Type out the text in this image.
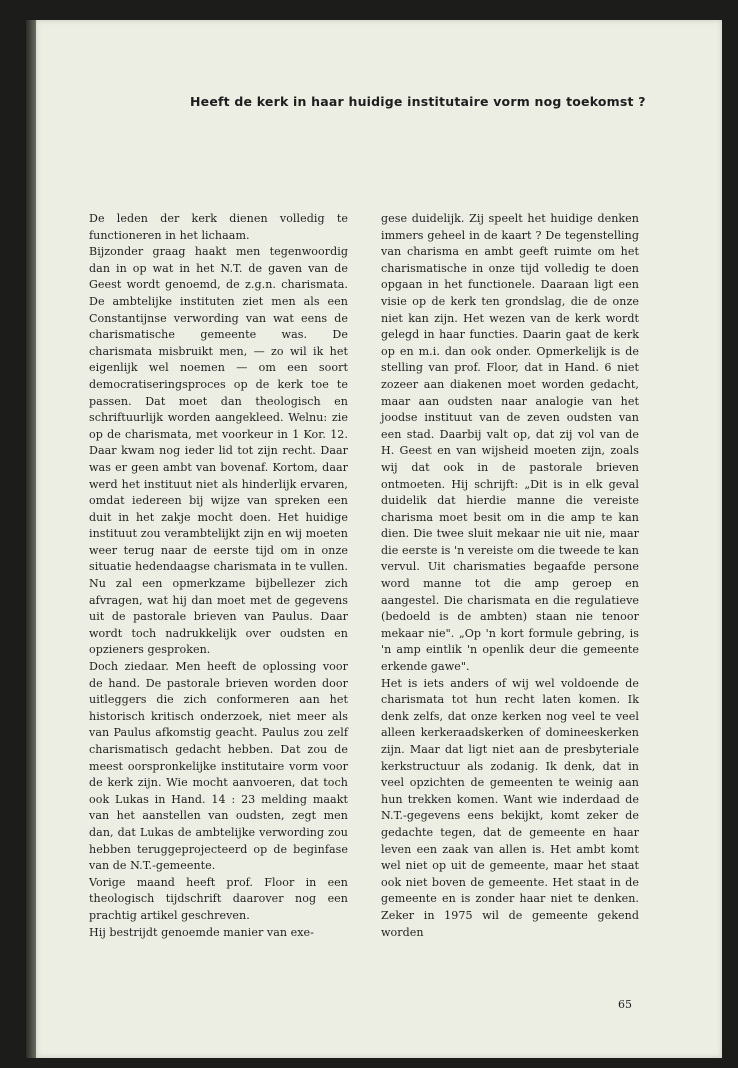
Heeft de kerk in haar huidige institutaire vorm nog toekomst ?

De leden der kerk dienen volledig te functioneren in het lichaam.

Bijzonder graag haakt men tegenwoordig dan in op wat in het N.T. de gaven van de Geest wordt genoemd, de z.g.n. charismata. De ambtelijke instituten ziet men als een Constantijnse verwording van wat eens de charismatische gemeente was. De charismata misbruikt men, — zo wil ik het eigenlijk wel noemen — om een soort democratiseringsproces op de kerk toe te passen. Dat moet dan theologisch en schriftuurlijk worden aangekleed. Welnu: zie op de charismata, met voorkeur in 1 Kor. 12. Daar kwam nog ieder lid tot zijn recht. Daar was er geen ambt van bovenaf. Kortom, daar werd het instituut niet als hinderlijk ervaren, omdat iedereen bij wijze van spreken een duit in het zakje mocht doen. Het huidige instituut zou verambtelijkt zijn en wij moeten weer terug naar de eerste tijd om in onze situatie hedendaagse charismata in te vullen. Nu zal een opmerkzame bijbellezer zich afvragen, wat hij dan moet met de gegevens uit de pastorale brieven van Paulus. Daar wordt toch nadrukkelijk over oudsten en opzieners gesproken.

Doch ziedaar. Men heeft de oplossing voor de hand. De pastorale brieven worden door uitleggers die zich conformeren aan het historisch kritisch onderzoek, niet meer als van Paulus afkomstig geacht. Paulus zou zelf charismatisch gedacht hebben. Dat zou de meest oorspronkelijke institutaire vorm voor de kerk zijn. Wie mocht aanvoeren, dat toch ook Lukas in Hand. 14 : 23 melding maakt van het aanstellen van oudsten, zegt men dan, dat Lukas de ambtelijke verwording zou hebben teruggeprojecteerd op de beginfase van de N.T.-gemeente.

Vorige maand heeft prof. Floor in een theologisch tijdschrift daarover nog een prachtig artikel geschreven.

Hij bestrijdt genoemde manier van exe-

gese duidelijk. Zij speelt het huidige denken immers geheel in de kaart ? De tegenstelling van charisma en ambt geeft ruimte om het charismatische in onze tijd volledig te doen opgaan in het functionele. Daaraan ligt een visie op de kerk ten grondslag, die de onze niet kan zijn. Het wezen van de kerk wordt gelegd in haar functies. Daarin gaat de kerk op en m.i. dan ook onder. Opmerkelijk is de stelling van prof. Floor, dat in Hand. 6 niet zozeer aan diakenen moet worden gedacht, maar aan oudsten naar analogie van het joodse instituut van de zeven oudsten van een stad. Daarbij valt op, dat zij vol van de H. Geest en van wijsheid moeten zijn, zoals wij dat ook in de pastorale brieven ontmoeten. Hij schrijft: „Dit is in elk geval duidelik dat hierdie manne die vereiste charisma moet besit om in die amp te kan dien. Die twee sluit mekaar nie uit nie, maar die eerste is 'n vereiste om die tweede te kan vervul. Uit charismaties begaafde persone word manne tot die amp geroep en aangestel. Die charismata en die regulatieve (bedoeld is de ambten) staan nie tenoor mekaar nie". „Op 'n kort formule gebring, is 'n amp eintlik 'n openlik deur die gemeente erkende gawe".

Het is iets anders of wij wel voldoende de charismata tot hun recht laten komen. Ik denk zelfs, dat onze kerken nog veel te veel alleen kerkeraadskerken of domineeskerken zijn. Maar dat ligt niet aan de presbyteriale kerkstructuur als zodanig. Ik denk, dat in veel opzichten de gemeenten te weinig aan hun trekken komen. Want wie inderdaad de N.T.-gegevens eens bekijkt, komt zeker de gedachte tegen, dat de gemeente en haar leven een zaak van allen is. Het ambt komt wel niet op uit de gemeente, maar het staat ook niet boven de gemeente. Het staat in de gemeente en is zonder haar niet te denken. Zeker in 1975 wil de gemeente gekend worden

65
